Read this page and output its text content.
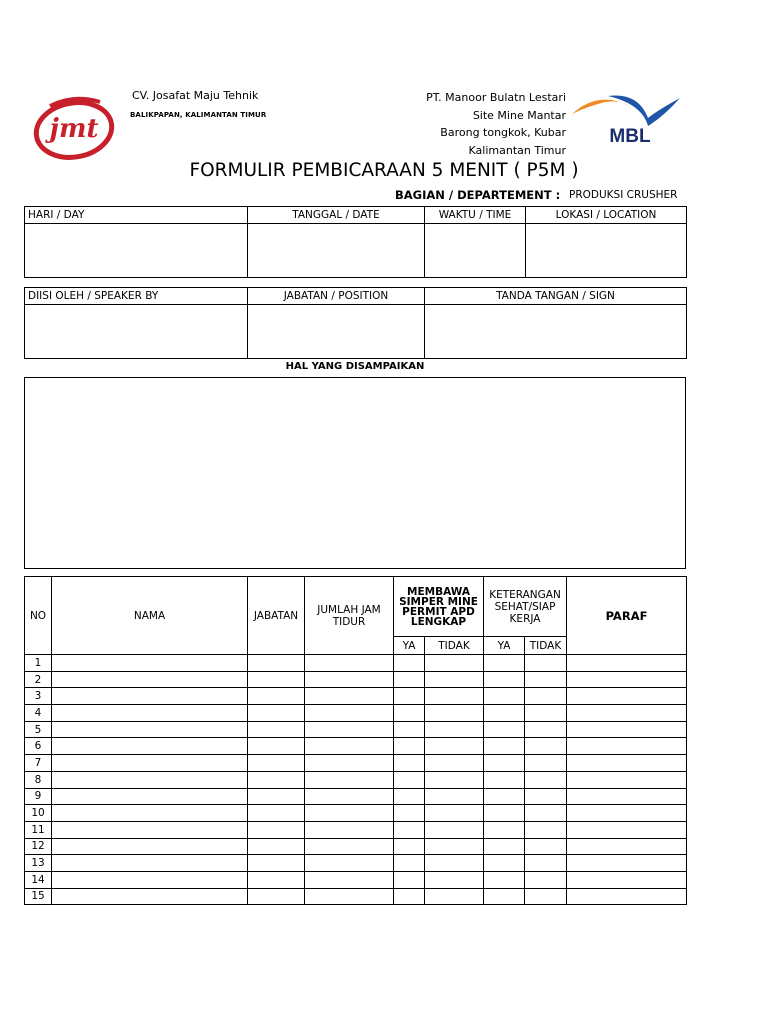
jmt
CV. Josafat Maju Tehnik
BALIKPAPAN, KALIMANTAN TIMUR
PT. Manoor Bulatn Lestari
Site Mine Mantar
Barong tongkok, Kubar
Kalimantan Timur
MBL
FORMULIR PEMBICARAAN 5 MENIT ( P5M )
BAGIAN / DEPARTEMENT : PRODUKSI CRUSHER
HARI / DAY	TANGGAL / DATE	WAKTU / TIME	LOKASI / LOCATION

DIISI OLEH / SPEAKER BY	JABATAN / POSITION	TANDA TANGAN / SIGN

HAL YANG DISAMPAIKAN
NO	NAMA	JABATAN	JUMLAH JAM TIDUR	MEMBAWA SIMPER MINE PERMIT APD LENGKAP		KETERANGAN SEHAT/SIAP KERJA		PARAF
				YA	TIDAK	YA	TIDAK	
1								
2								
3								
4								
5								
6								
7								
8								
9								
10								
11								
12								
13								
14								
15								
